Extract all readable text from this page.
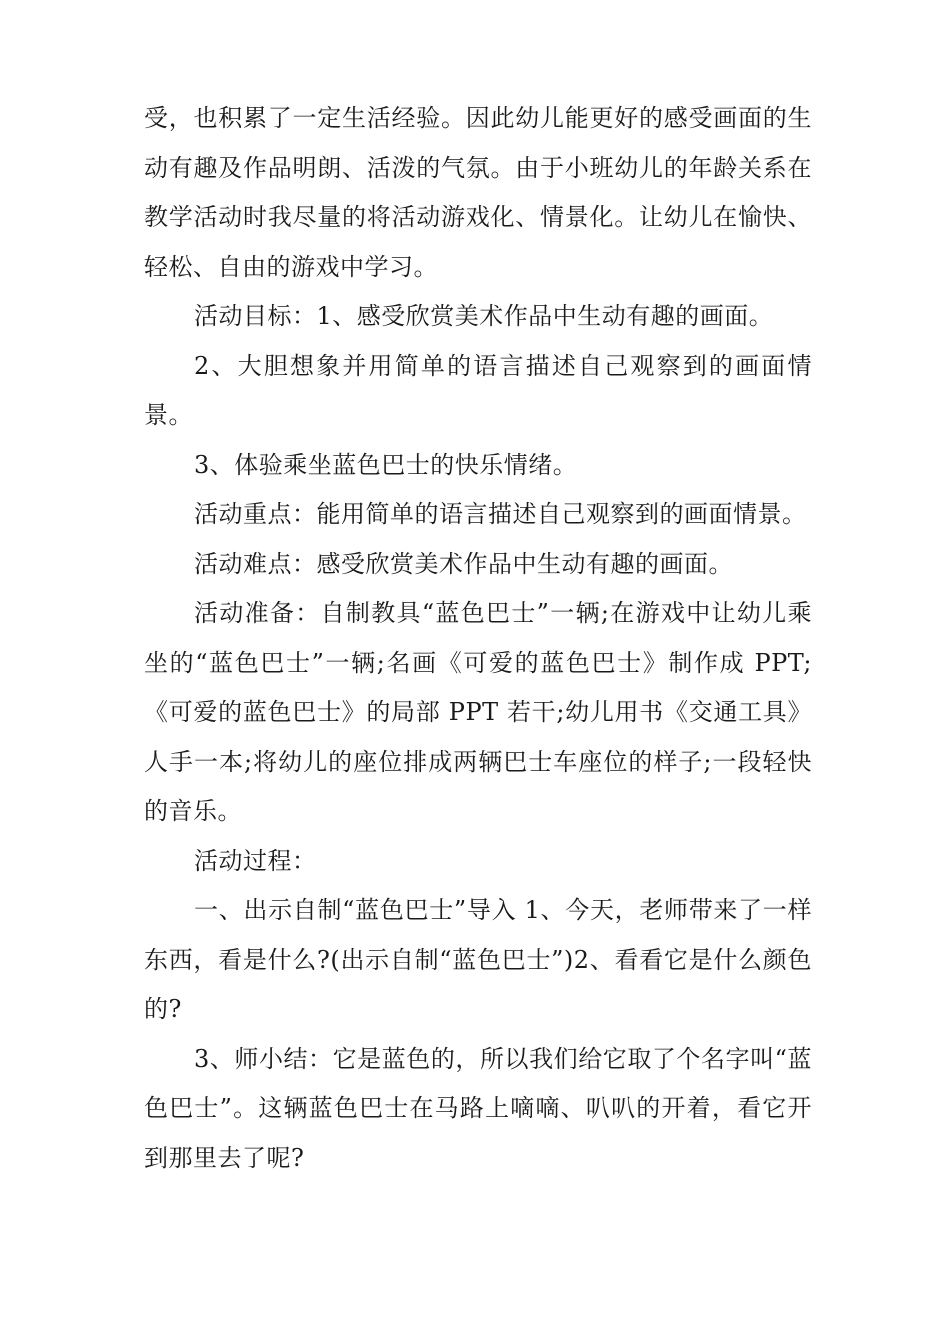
受，也积累了一定生活经验。因此幼儿能更好的感受画面的生动有趣及作品明朗、活泼的气氛。由于小班幼儿的年龄关系在教学活动时我尽量的将活动游戏化、情景化。让幼儿在愉快、轻松、自由的游戏中学习。

活动目标：1、感受欣赏美术作品中生动有趣的画面。

2、大胆想象并用简单的语言描述自己观察到的画面情景。

3、体验乘坐蓝色巴士的快乐情绪。

活动重点：能用简单的语言描述自己观察到的画面情景。

活动难点：感受欣赏美术作品中生动有趣的画面。

活动准备：自制教具“蓝色巴士”一辆;在游戏中让幼儿乘坐的“蓝色巴士”一辆;名画《可爱的蓝色巴士》制作成 PPT;《可爱的蓝色巴士》的局部 PPT 若干;幼儿用书《交通工具》人手一本;将幼儿的座位排成两辆巴士车座位的样子;一段轻快的音乐。

活动过程：

一、出示自制“蓝色巴士”导入 1、今天，老师带来了一样东西，看是什么?(出示自制“蓝色巴士”)2、看看它是什么颜色的?

3、师小结：它是蓝色的，所以我们给它取了个名字叫“蓝色巴士”。这辆蓝色巴士在马路上嘀嘀、叭叭的开着，看它开到那里去了呢?
